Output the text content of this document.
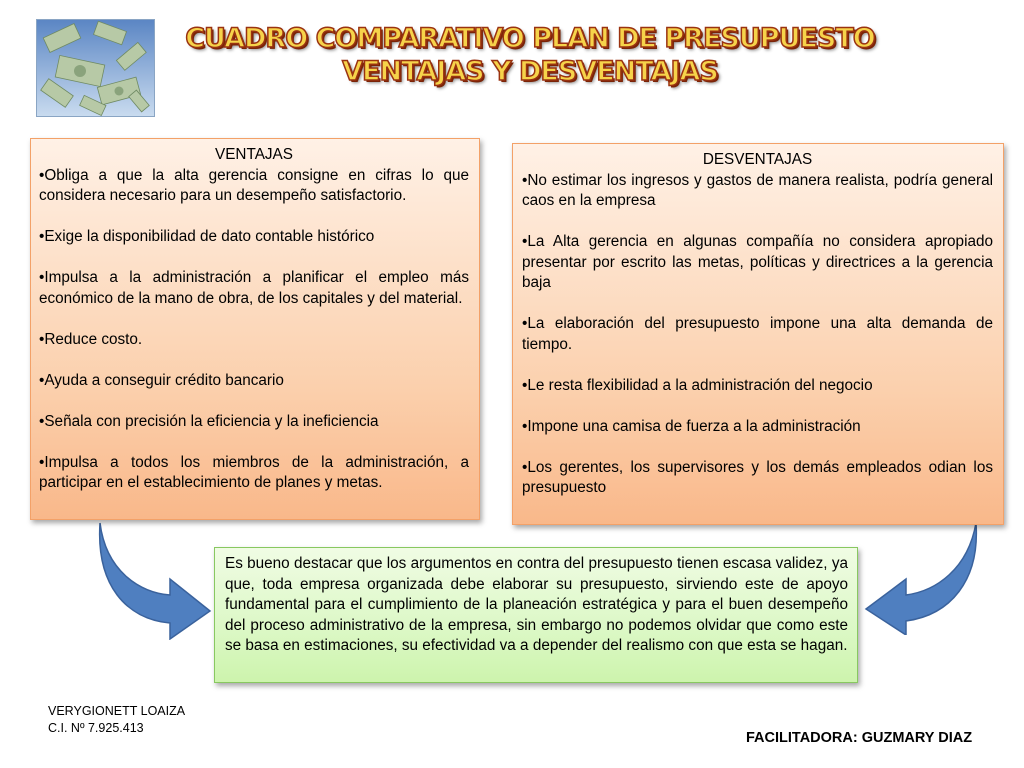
CUADRO COMPARATIVO PLAN DE PRESUPUESTO
VENTAJAS Y DESVENTAJAS
VENTAJAS

•Obliga a que la alta gerencia consigne en cifras lo que considera necesario para un desempeño satisfactorio.

•Exige la disponibilidad de dato contable histórico

•Impulsa a la administración a planificar el empleo más económico de la mano de obra, de los capitales y del material.

•Reduce costo.

•Ayuda a conseguir crédito bancario

•Señala con precisión la eficiencia y la ineficiencia

•Impulsa a todos los miembros de la administración, a participar en el establecimiento de planes y metas.

DESVENTAJAS

•No estimar los ingresos y gastos de manera realista, podría general caos en la empresa

•La Alta gerencia en algunas compañía no considera apropiado presentar por escrito las metas, políticas y directrices a la gerencia baja

•La elaboración del presupuesto impone una alta demanda de tiempo.

•Le resta flexibilidad a la administración del negocio

•Impone una camisa de fuerza a la administración

•Los gerentes, los supervisores y los demás empleados odian los presupuesto

Es bueno destacar que los argumentos en contra del presupuesto tienen escasa validez, ya que, toda empresa organizada debe elaborar su presupuesto, sirviendo este de apoyo fundamental para el cumplimiento de la planeación estratégica y para el buen desempeño del proceso administrativo de la empresa, sin embargo no podemos olvidar que como este se basa en estimaciones, su efectividad va a depender del realismo con que esta se hagan.
VERYGIONETT LOAIZA
C.I. Nº 7.925.413
FACILITADORA: GUZMARY DIAZ
